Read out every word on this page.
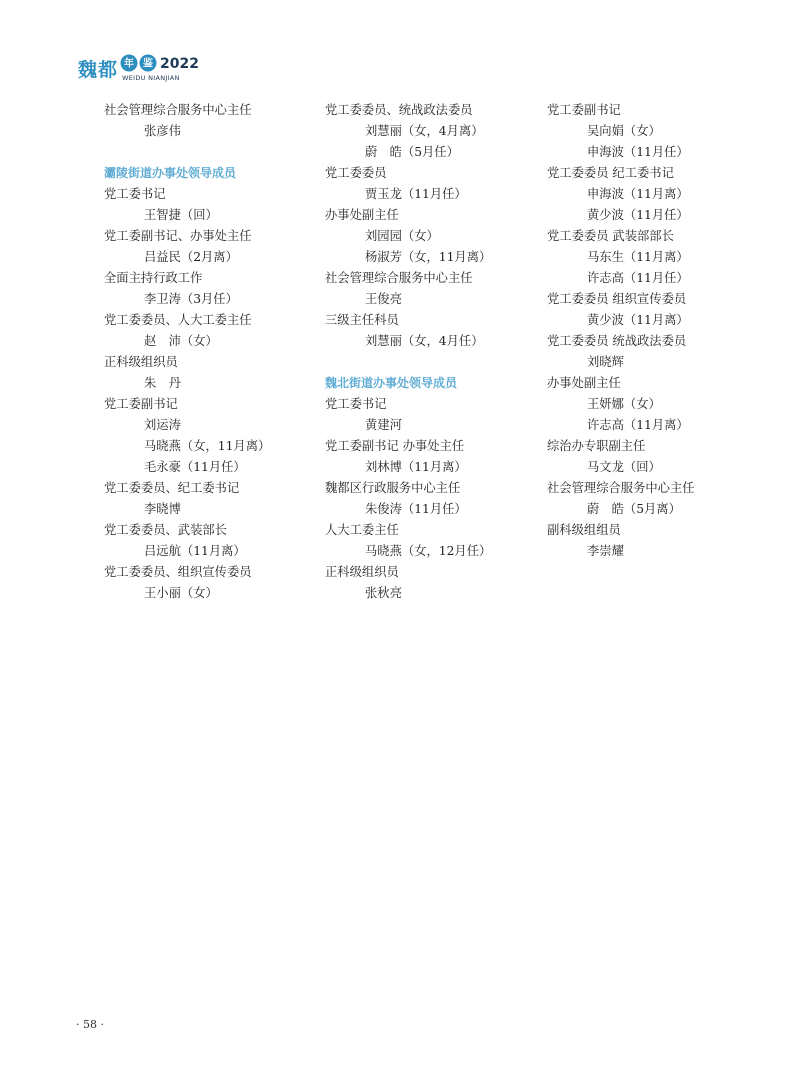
魏都 年 鉴 2022
WEIDU NIANJIAN
社会管理综合服务中心主任
张彦伟
灞陵街道办事处领导成员
党工委书记
王智捷（回）
党工委副书记、办事处主任
吕益民（2月离）
全面主持行政工作
李卫涛（3月任）
党工委委员、人大工委主任
赵　沛（女）
正科级组织员
朱　丹
党工委副书记
刘运涛
马晓燕（女，11月离）
毛永豪（11月任）
党工委委员、纪工委书记
李晓博
党工委委员、武装部长
吕远航（11月离）
党工委委员、组织宣传委员
王小丽（女）
党工委委员、统战政法委员
刘慧丽（女，4月离）
蔚　皓（5月任）
党工委委员
贾玉龙（11月任）
办事处副主任
刘园园（女）
杨淑芳（女，11月离）
社会管理综合服务中心主任
王俊亮
三级主任科员
刘慧丽（女，4月任）
魏北街道办事处领导成员
党工委书记
黄建河
党工委副书记 办事处主任
刘林博（11月离）
魏都区行政服务中心主任
朱俊涛（11月任）
人大工委主任
马晓燕（女，12月任）
正科级组织员
张秋亮
党工委副书记
吴向娟（女）
申海波（11月任）
党工委委员 纪工委书记
申海波（11月离）
黄少波（11月任）
党工委委员 武装部部长
马东生（11月离）
许志高（11月任）
党工委委员 组织宣传委员
黄少波（11月离）
党工委委员 统战政法委员
刘晓辉
办事处副主任
王妍娜（女）
许志高（11月离）
综治办专职副主任
马文龙（回）
社会管理综合服务中心主任
蔚　皓（5月离）
副科级组组员
李崇耀
· 58 ·
